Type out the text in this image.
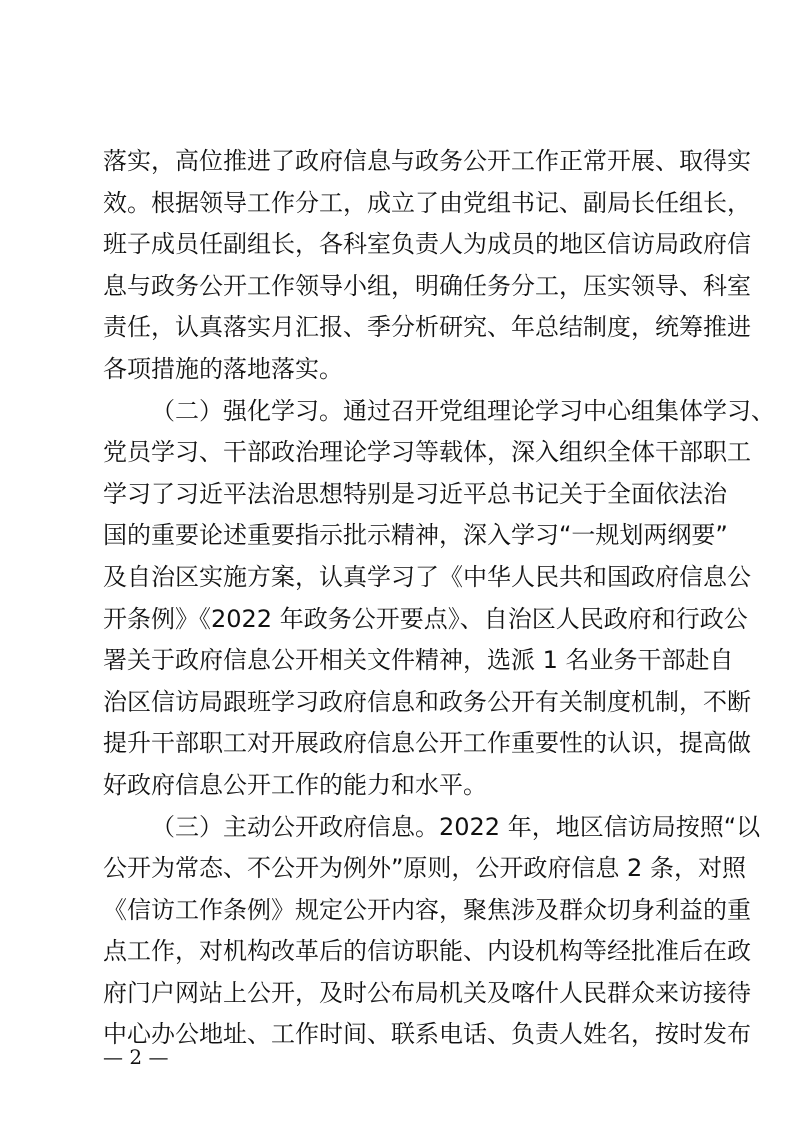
落实，高位推进了政府信息与政务公开工作正常开展、取得实
效。根据领导工作分工，成立了由党组书记、副局长任组长，
班子成员任副组长，各科室负责人为成员的地区信访局政府信
息与政务公开工作领导小组，明确任务分工，压实领导、科室
责任，认真落实月汇报、季分析研究、年总结制度，统筹推进
各项措施的落地落实。
（二）强化学习。通过召开党组理论学习中心组集体学习、
党员学习、干部政治理论学习等载体，深入组织全体干部职工
学习了习近平法治思想特别是习近平总书记关于全面依法治
国的重要论述重要指示批示精神，深入学习“一规划两纲要”
及自治区实施方案，认真学习了《中华人民共和国政府信息公
开条例》《2022 年政务公开要点》、自治区人民政府和行政公
署关于政府信息公开相关文件精神，选派 1 名业务干部赴自
治区信访局跟班学习政府信息和政务公开有关制度机制，不断
提升干部职工对开展政府信息公开工作重要性的认识，提高做
好政府信息公开工作的能力和水平。
（三）主动公开政府信息。2022 年，地区信访局按照“以
公开为常态、不公开为例外”原则，公开政府信息 2 条，对照
《信访工作条例》规定公开内容，聚焦涉及群众切身利益的重
点工作，对机构改革后的信访职能、内设机构等经批准后在政
府门户网站上公开，及时公布局机关及喀什人民群众来访接待
中心办公地址、工作时间、联系电话、负责人姓名，按时发布
— 2 —
